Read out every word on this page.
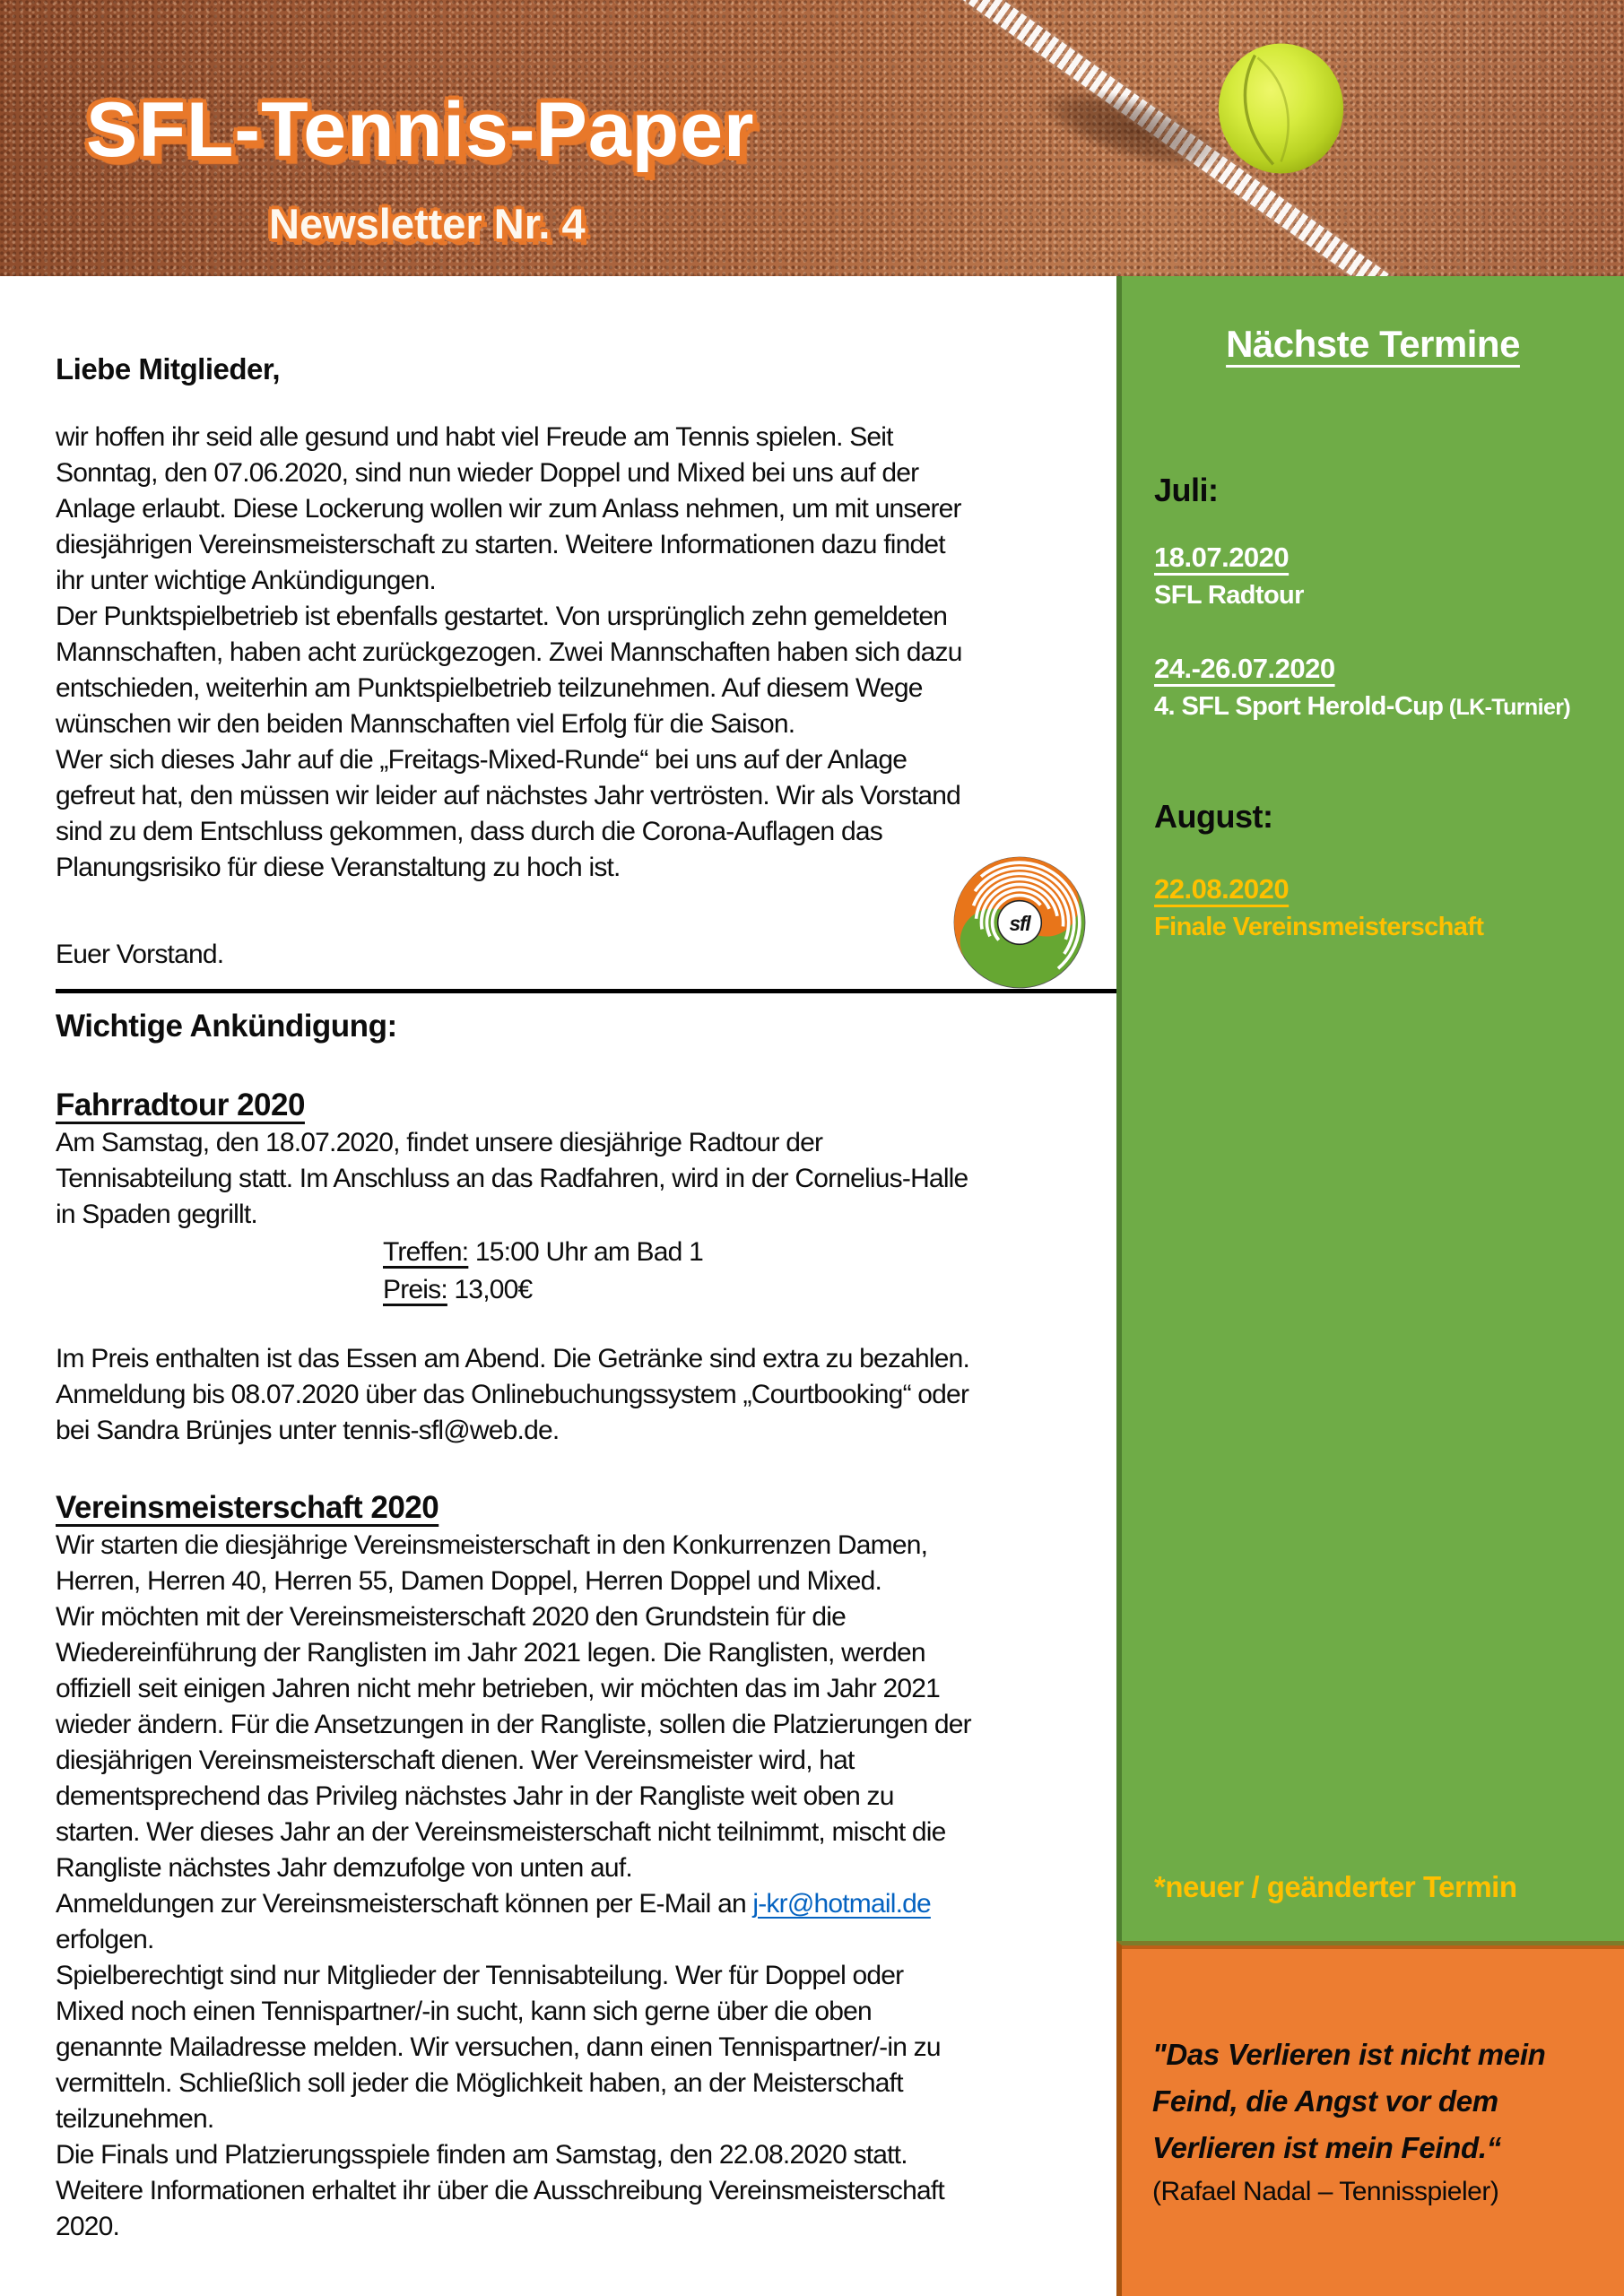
SFL-Tennis-Paper
Newsletter Nr. 4
Liebe Mitglieder,
wir hoffen ihr seid alle gesund und habt viel Freude am Tennis spielen. Seit
Sonntag, den 07.06.2020, sind nun wieder Doppel und Mixed bei uns auf der
Anlage erlaubt. Diese Lockerung wollen wir zum Anlass nehmen, um mit unserer
diesjährigen Vereinsmeisterschaft zu starten. Weitere Informationen dazu findet
ihr unter wichtige Ankündigungen.
Der Punktspielbetrieb ist ebenfalls gestartet. Von ursprünglich zehn gemeldeten
Mannschaften, haben acht zurückgezogen. Zwei Mannschaften haben sich dazu
entschieden, weiterhin am Punktspielbetrieb teilzunehmen. Auf diesem Wege
wünschen wir den beiden Mannschaften viel Erfolg für die Saison.
Wer sich dieses Jahr auf die „Freitags-Mixed-Runde“ bei uns auf der Anlage
gefreut hat, den müssen wir leider auf nächstes Jahr vertrösten. Wir als Vorstand
sind zu dem Entschluss gekommen, dass durch die Corona-Auflagen das
Planungsrisiko für diese Veranstaltung zu hoch ist.
Euer Vorstand.
sfl
Wichtige Ankündigung:
Fahrradtour 2020
Am Samstag, den 18.07.2020, findet unsere diesjährige Radtour der
Tennisabteilung statt. Im Anschluss an das Radfahren, wird in der Cornelius-Halle
in Spaden gegrillt.
Treffen: 15:00 Uhr am Bad 1
Preis: 13,00€
Im Preis enthalten ist das Essen am Abend. Die Getränke sind extra zu bezahlen.
Anmeldung bis 08.07.2020 über das Onlinebuchungssystem „Courtbooking“ oder
bei Sandra Brünjes unter tennis-sfl@web.de.
Vereinsmeisterschaft 2020
Wir starten die diesjährige Vereinsmeisterschaft in den Konkurrenzen Damen,
Herren, Herren 40, Herren 55, Damen Doppel, Herren Doppel und Mixed.
Wir möchten mit der Vereinsmeisterschaft 2020 den Grundstein für die
Wiedereinführung der Ranglisten im Jahr 2021 legen. Die Ranglisten, werden
offiziell seit einigen Jahren nicht mehr betrieben, wir möchten das im Jahr 2021
wieder ändern. Für die Ansetzungen in der Rangliste, sollen die Platzierungen der
diesjährigen Vereinsmeisterschaft dienen. Wer Vereinsmeister wird, hat
dementsprechend das Privileg nächstes Jahr in der Rangliste weit oben zu
starten. Wer dieses Jahr an der Vereinsmeisterschaft nicht teilnimmt, mischt die
Rangliste nächstes Jahr demzufolge von unten auf.
Anmeldungen zur Vereinsmeisterschaft können per E-Mail an j-kr@hotmail.de
erfolgen.
Spielberechtigt sind nur Mitglieder der Tennisabteilung. Wer für Doppel oder
Mixed noch einen Tennispartner/-in sucht, kann sich gerne über die oben
genannte Mailadresse melden. Wir versuchen, dann einen Tennispartner/-in zu
vermitteln. Schließlich soll jeder die Möglichkeit haben, an der Meisterschaft
teilzunehmen.
Die Finals und Platzierungsspiele finden am Samstag, den 22.08.2020 statt.
Weitere Informationen erhaltet ihr über die Ausschreibung Vereinsmeisterschaft
2020.
Nächste Termine
Juli:
18.07.2020
SFL Radtour
24.-26.07.2020
4. SFL Sport Herold-Cup (LK-Turnier)
August:
22.08.2020
Finale Vereinsmeisterschaft
*neuer / geänderter Termin
"Das Verlieren ist nicht mein
Feind, die Angst vor dem
Verlieren ist mein Feind.“
(Rafael Nadal – Tennisspieler)
